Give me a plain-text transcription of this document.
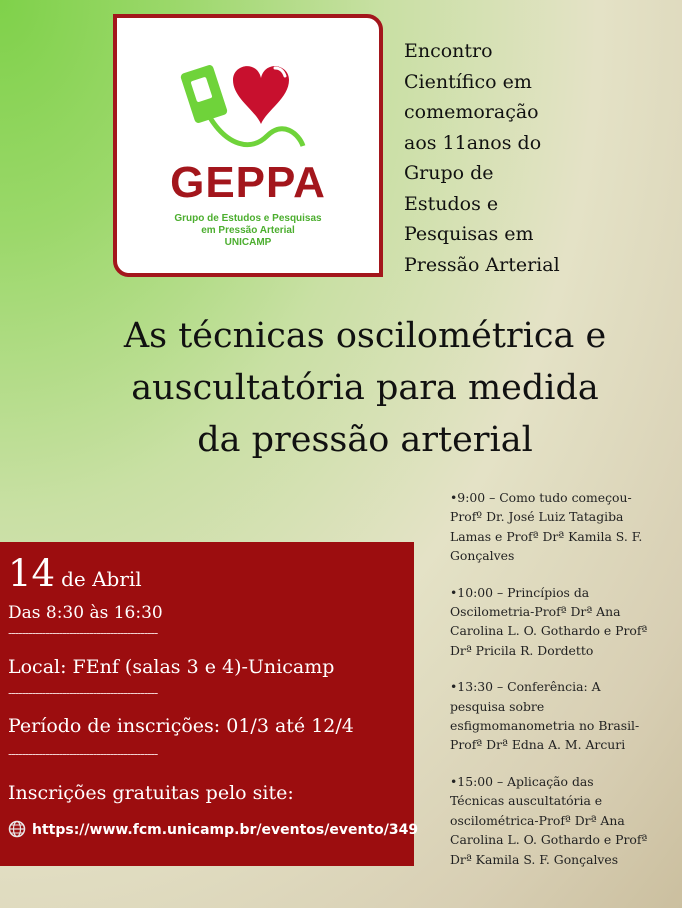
GEPPA
Grupo de Estudos e Pesquisas
em Pressão Arterial
UNICAMP
Encontro
Científico em
comemoração
aos 11anos do
Grupo de
Estudos e
Pesquisas em
Pressão Arterial
As técnicas oscilométrica e
auscultatória para medida
da pressão arterial
14 de Abril
Das 8:30 às 16:30
--------------------------------------------
Local: FEnf (salas 3 e 4)-Unicamp
--------------------------------------------
Período de inscrições: 01/3 até 12/4
--------------------------------------------
Inscrições gratuitas pelo site:
https://www.fcm.unicamp.br/eventos/evento/349
•9:00 – Como tudo começou-
Profº Dr. José Luiz Tatagiba
Lamas e Profª Drª Kamila S. F.
Gonçalves
•10:00 – Princípios da
Oscilometria-Profª Drª Ana
Carolina L. O. Gothardo e Profª
Drª Pricila R. Dordetto
•13:30 – Conferência: A
pesquisa sobre
esfigmomanometria no Brasil-
Profª Drª Edna A. M. Arcuri
•15:00 – Aplicação das
Técnicas auscultatória e
oscilométrica-Profª Drª Ana
Carolina L. O. Gothardo e Profª
Drª Kamila S. F. Gonçalves
